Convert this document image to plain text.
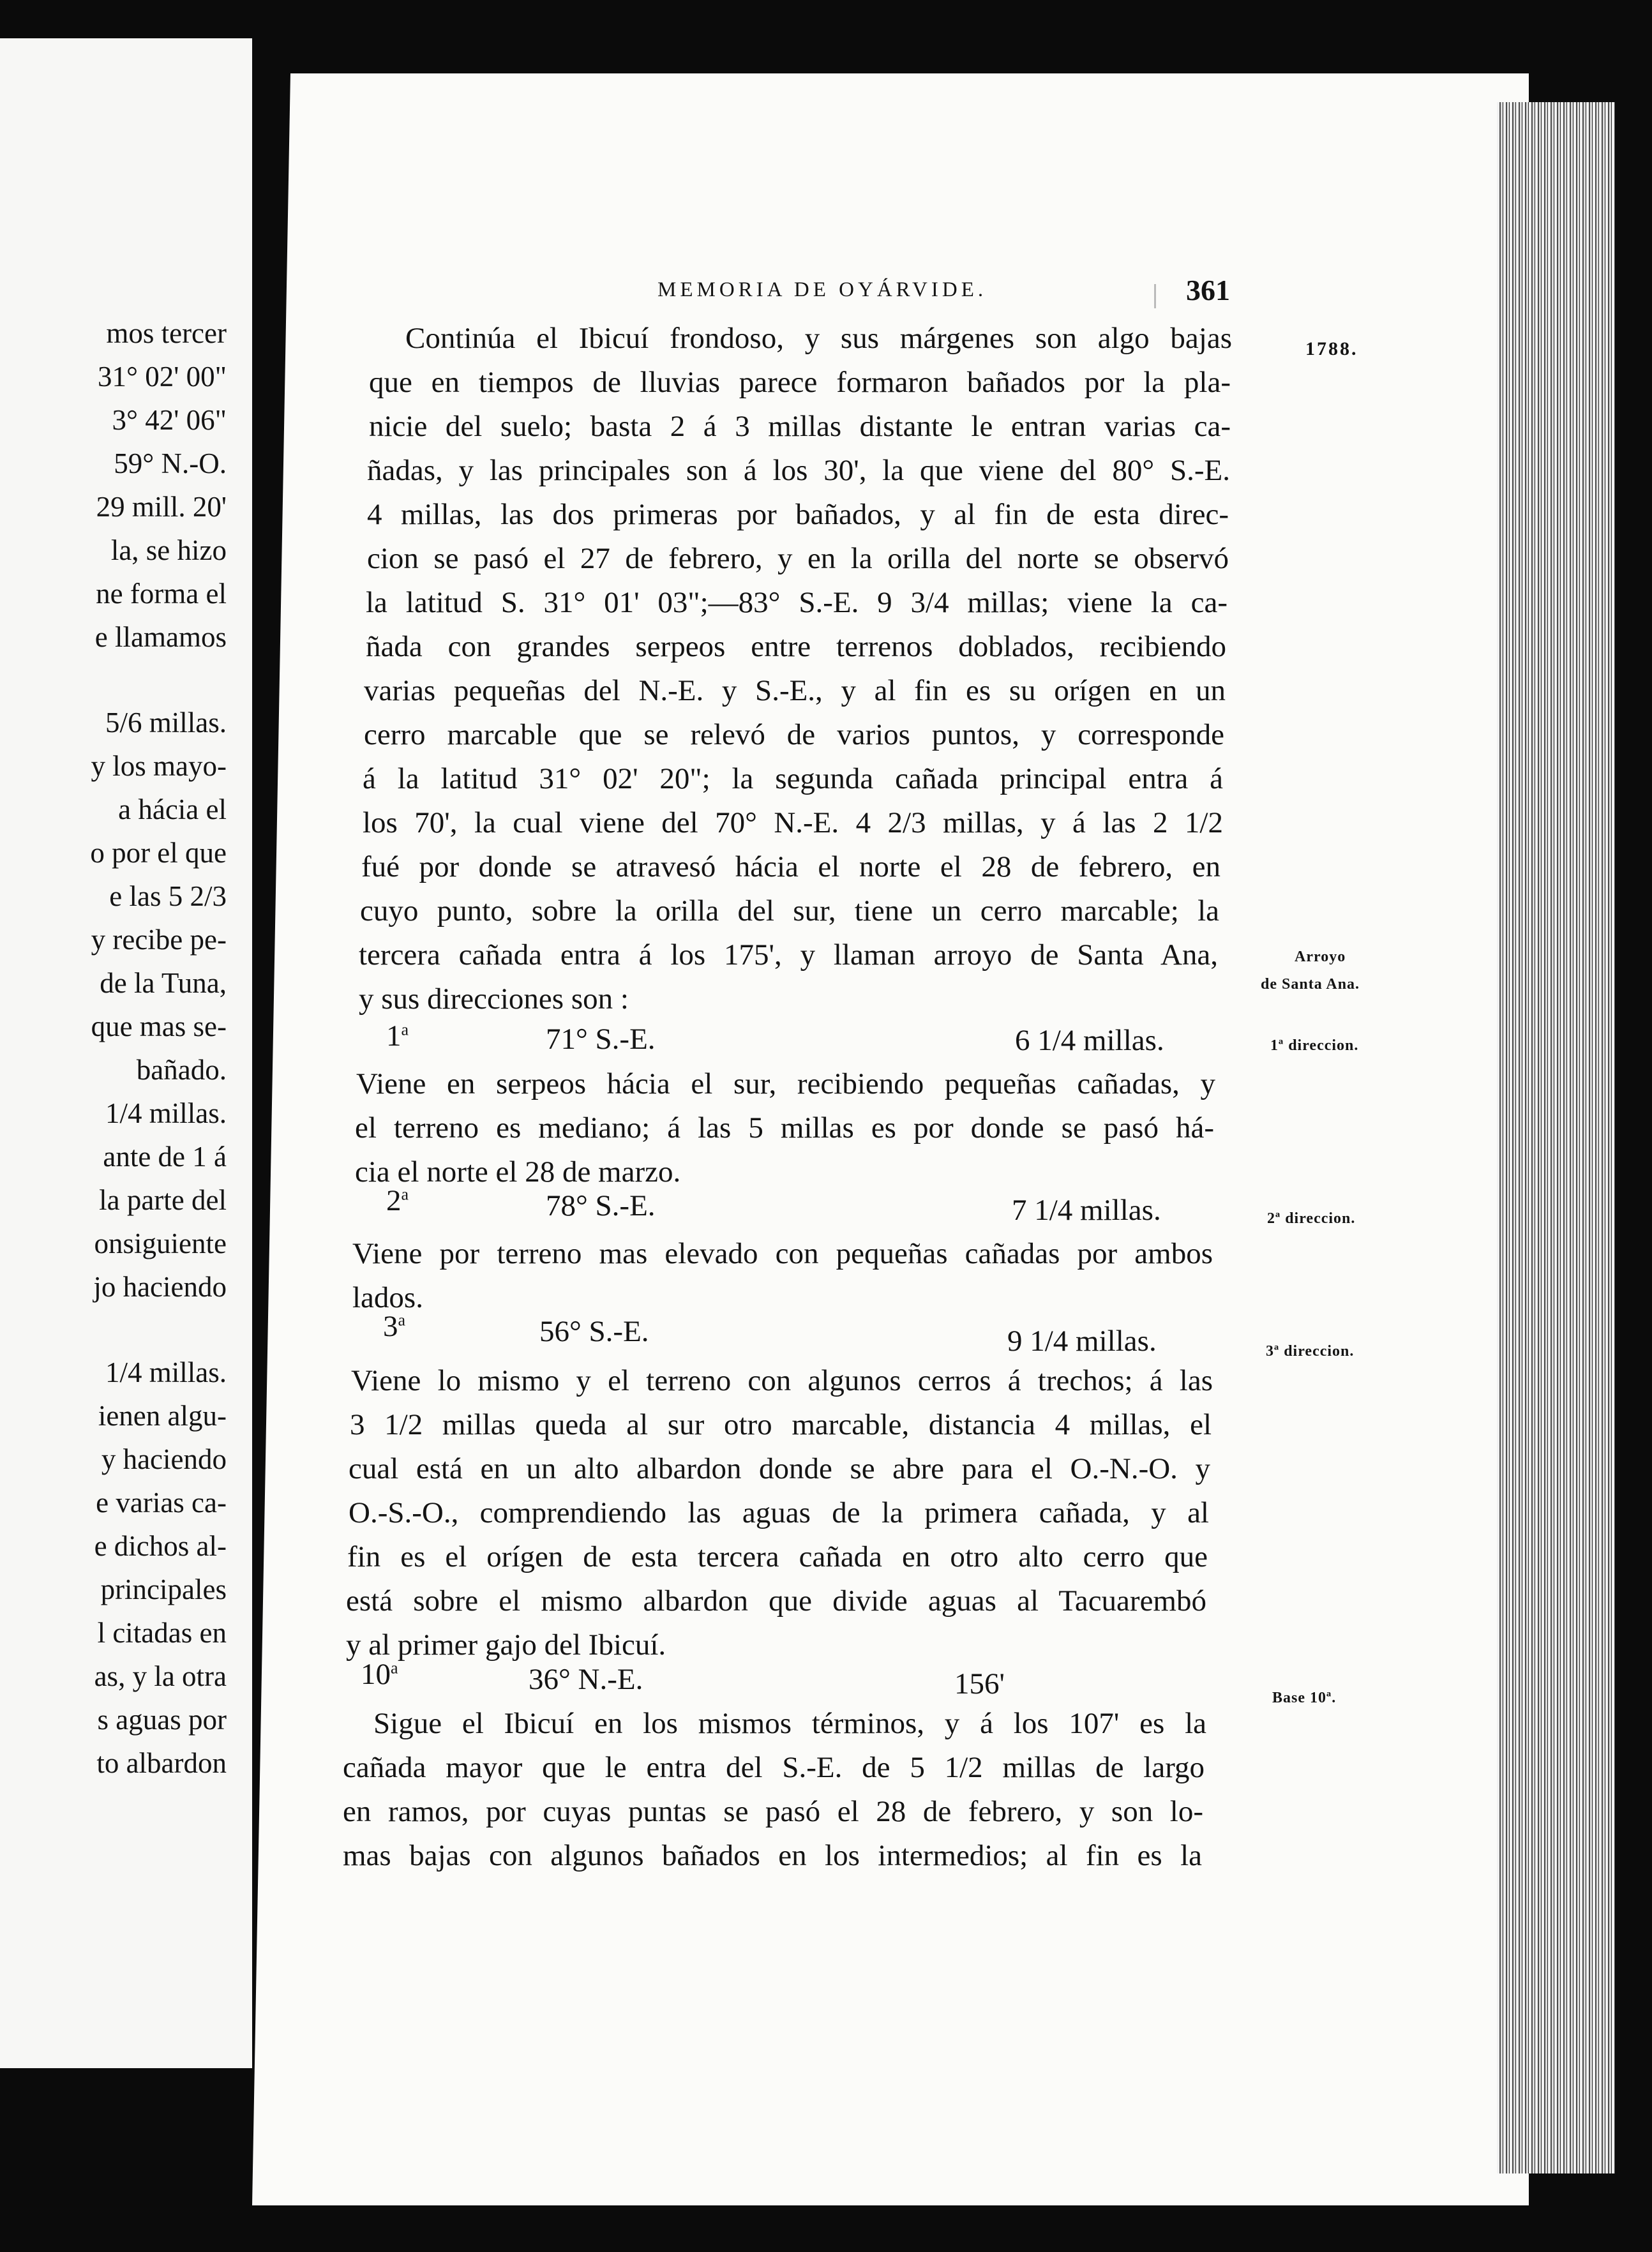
mos tercer
31° 02' 00"
3° 42' 06"
59° N.-O.
29 mill. 20'
la, se hizo
ne forma el
e llamamos
5/6 millas.
y los mayo-
a hácia el
o por el que
e las 5 2/3
y recibe pe-
de la Tuna,
que mas se-
bañado.
1/4 millas.
ante de 1 á
la parte del
onsiguiente
jo haciendo
1/4 millas.
ienen algu-
y haciendo
e varias ca-
e dichos al-
principales
l citadas en
as, y la otra
s aguas por
to albardon
MEMORIA DE OYÁRVIDE.	361
Continúa el Ibicuí frondoso, y sus márgenes son algo bajas
que en tiempos de lluvias parece formaron bañados por la pla-
nicie del suelo; basta 2 á 3 millas distante le entran varias ca-
ñadas, y las principales son á los 30', la que viene del 80° S.-E.
4 millas, las dos primeras por bañados, y al fin de esta direc-
cion se pasó el 27 de febrero, y en la orilla del norte se observó
la latitud S. 31° 01' 03";—83° S.-E. 9 3/4 millas; viene la ca-
ñada con grandes serpeos entre terrenos doblados, recibiendo
varias pequeñas del N.-E. y S.-E., y al fin es su orígen en un
cerro marcable que se relevó de varios puntos, y corresponde
á la latitud 31° 02' 20"; la segunda cañada principal entra á
los 70', la cual viene del 70° N.-E. 4 2/3 millas, y á las 2 1/2
fué por donde se atravesó hácia el norte el 28 de febrero, en
cuyo punto, sobre la orilla del sur, tiene un cerro marcable; la
tercera cañada entra á los 175', y llaman arroyo de Santa Ana,
y sus direcciones son :
1$^a$	71° S.-E.	6 1/4 millas.
Viene en serpeos hácia el sur, recibiendo pequeñas cañadas, y
el terreno es mediano; á las 5 millas es por donde se pasó há-
cia el norte el 28 de marzo.
2$^a$	78° S.-E.	7 1/4 millas.
Viene por terreno mas elevado con pequeñas cañadas por ambos
lados.
3$^a$	56° S.-E.	9 1/4 millas.
Viene lo mismo y el terreno con algunos cerros á trechos; á las
3 1/2 millas queda al sur otro marcable, distancia 4 millas, el
cual está en un alto albardon donde se abre para el O.-N.-O. y
O.-S.-O., comprendiendo las aguas de la primera cañada, y al
fin es el orígen de esta tercera cañada en otro alto cerro que
está sobre el mismo albardon que divide aguas al Tacuarembó
y al primer gajo del Ibicuí.
10$^a$	36° N.-E.	156'
Sigue el Ibicuí en los mismos términos, y á los 107' es la
cañada mayor que le entra del S.-E. de 5 1/2 millas de largo
en ramos, por cuyas puntas se pasó el 28 de febrero, y son lo-
mas bajas con algunos bañados en los intermedios; al fin es la
1788.
Arroyo
de Santa Ana.
1ª direccion.
2ª direccion.
3ª direccion.
Base 10ª.
